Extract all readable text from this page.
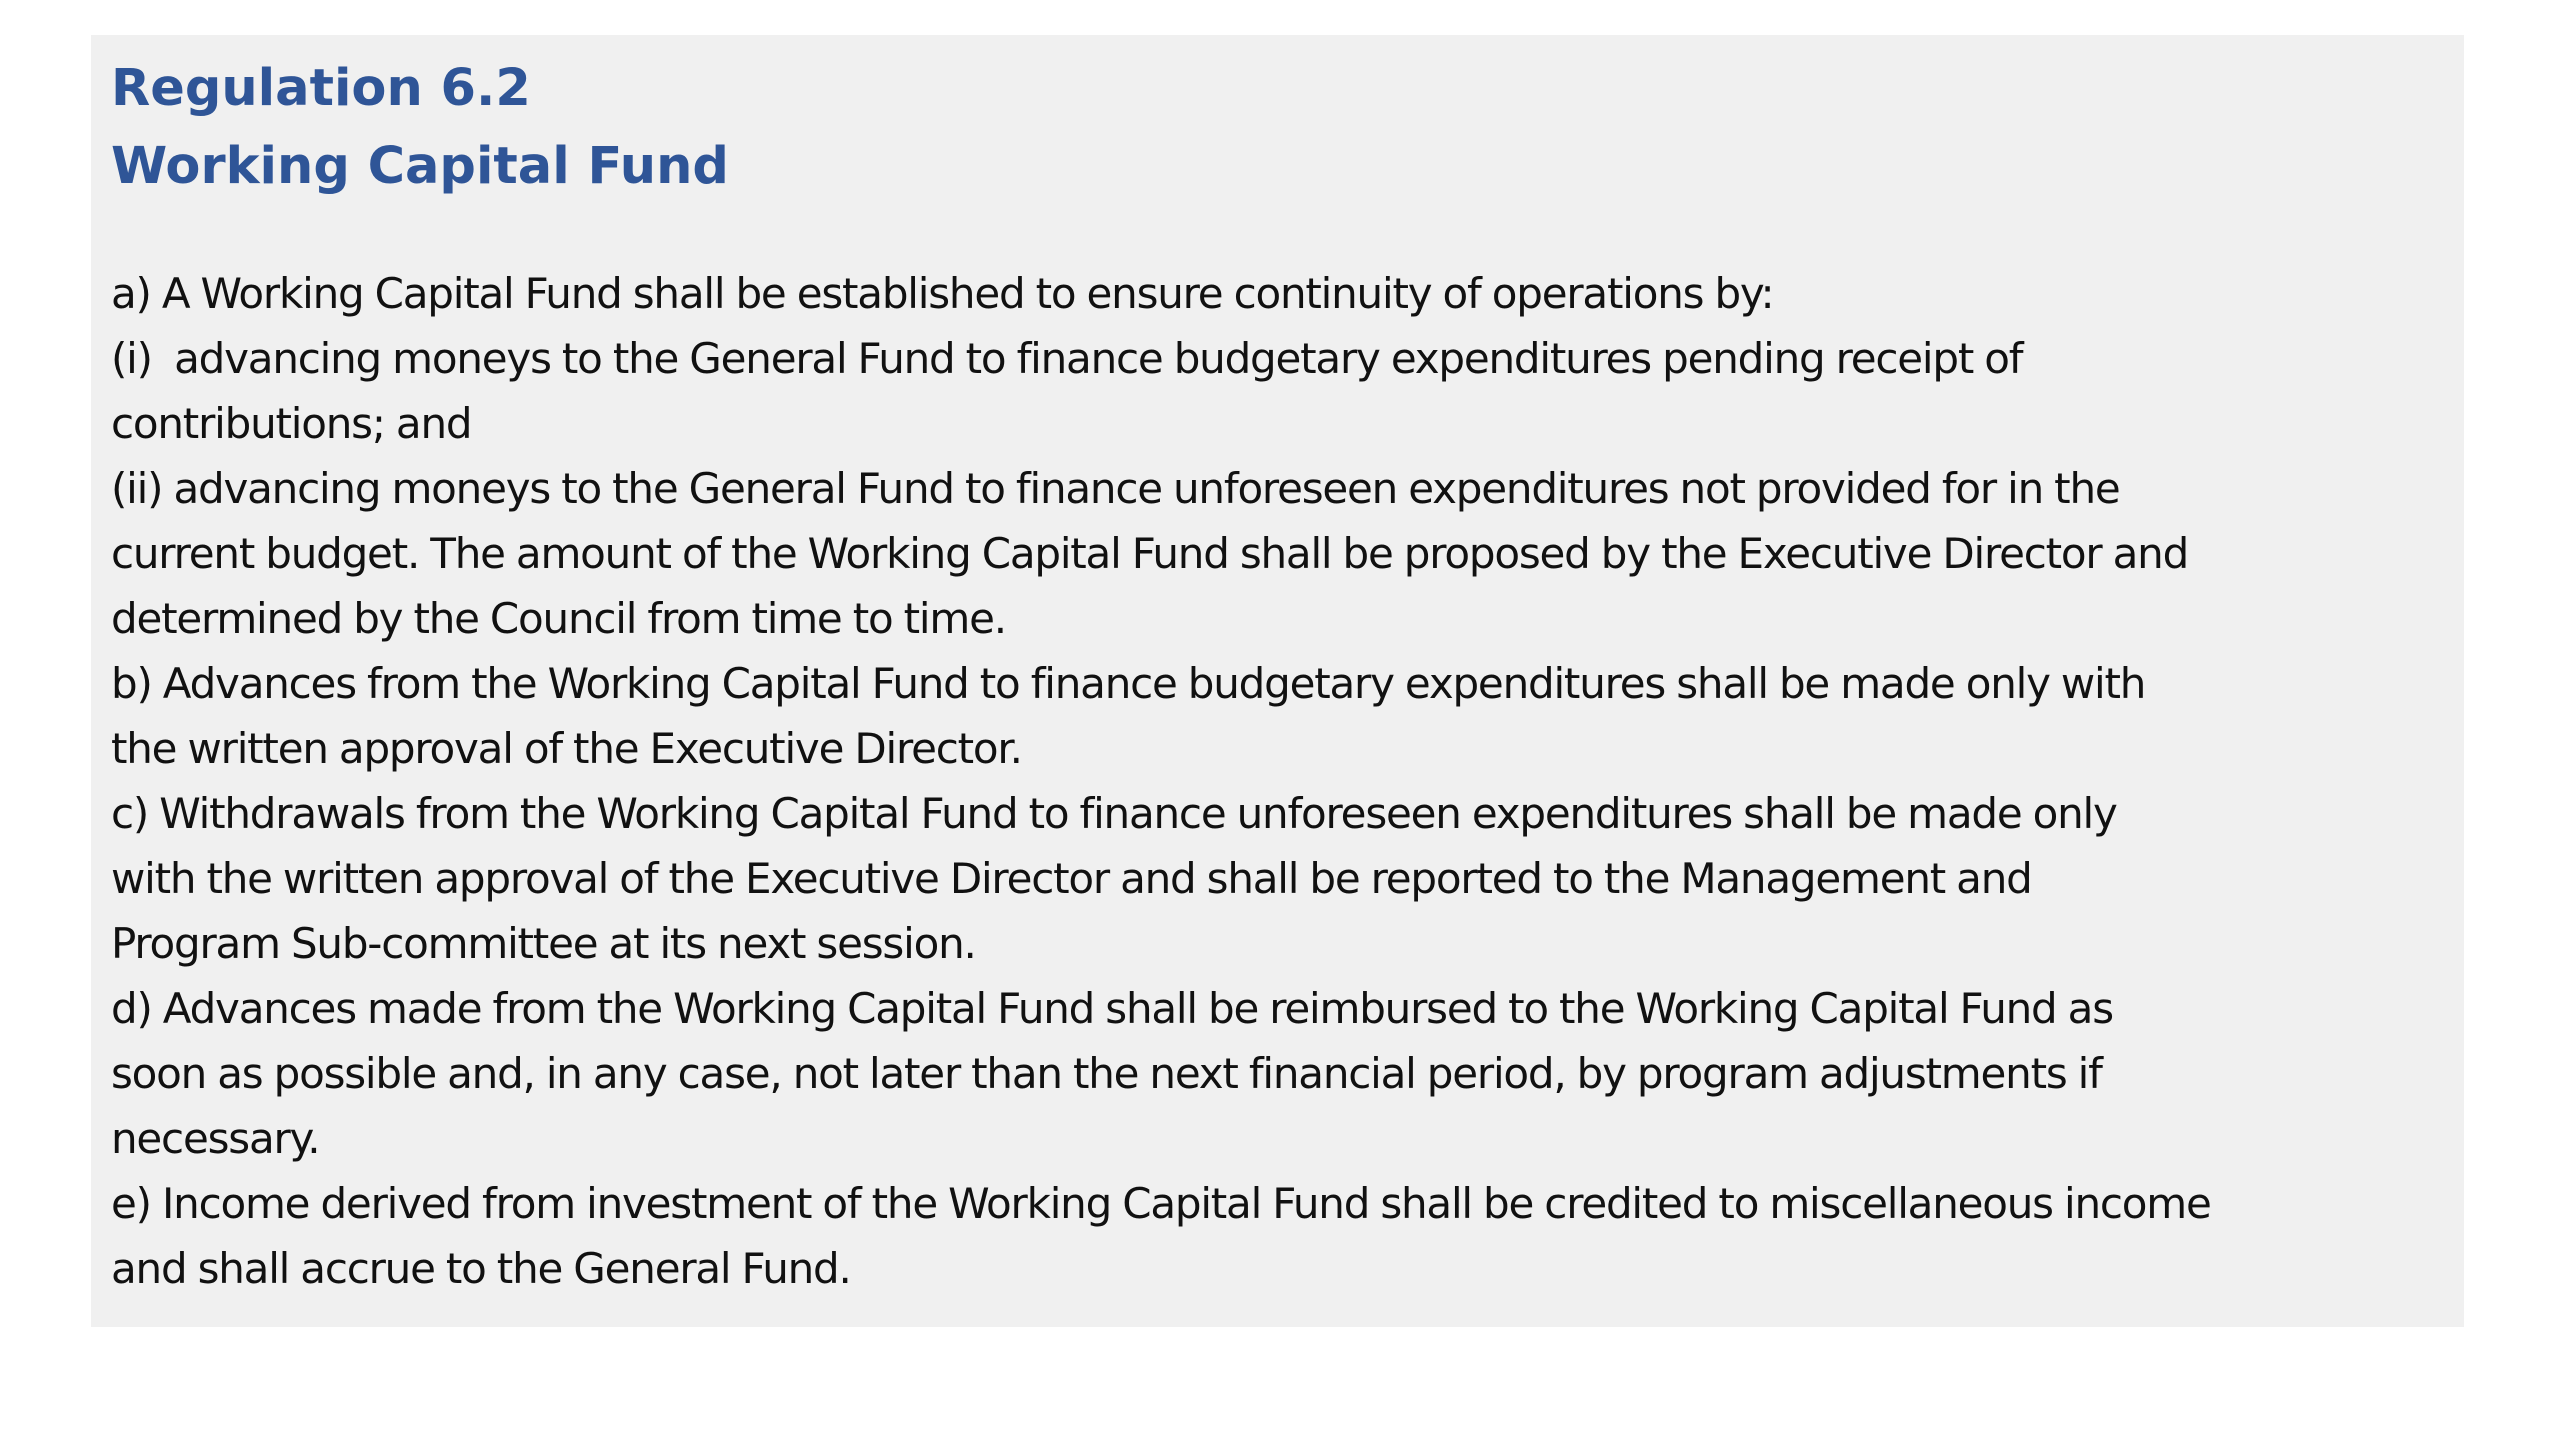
Regulation 6.2
Working Capital Fund

a) A Working Capital Fund shall be established to ensure continuity of operations by:

(i)  advancing moneys to the General Fund to finance budgetary expenditures pending receipt of

contributions; and

(ii) advancing moneys to the General Fund to finance unforeseen expenditures not provided for in the

current budget. The amount of the Working Capital Fund shall be proposed by the Executive Director and

determined by the Council from time to time.

b) Advances from the Working Capital Fund to finance budgetary expenditures shall be made only with

the written approval of the Executive Director.

c) Withdrawals from the Working Capital Fund to finance unforeseen expenditures shall be made only

with the written approval of the Executive Director and shall be reported to the Management and

Program Sub-committee at its next session.

d) Advances made from the Working Capital Fund shall be reimbursed to the Working Capital Fund as

soon as possible and, in any case, not later than the next financial period, by program adjustments if

necessary.

e) Income derived from investment of the Working Capital Fund shall be credited to miscellaneous income

and shall accrue to the General Fund.
